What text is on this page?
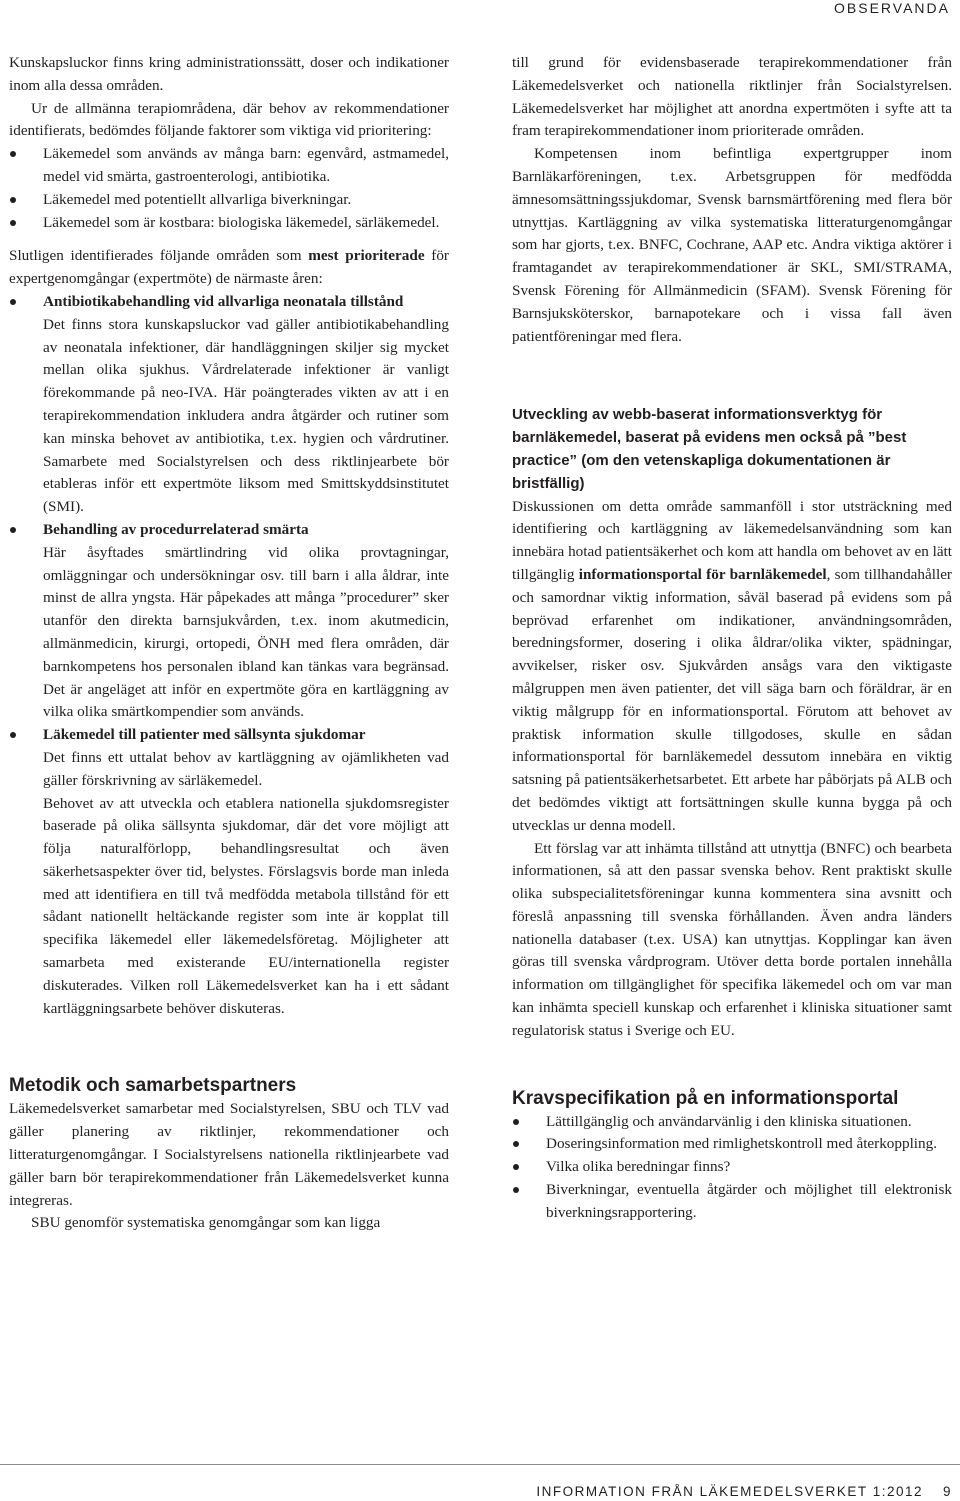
OBSERVANDA

Kunskapsluckor finns kring administrationssätt, doser och indikationer inom alla dessa områden.

Ur de allmänna terapiområdena, där behov av rekommendationer identifierats, bedömdes följande faktorer som viktiga vid prioritering:

Läkemedel som används av många barn: egenvård, astmamedel, medel vid smärta, gastroenterologi, antibiotika.
Läkemedel med potentiellt allvarliga biverkningar.
Läkemedel som är kostbara: biologiska läkemedel, särläkemedel.

Slutligen identifierades följande områden som mest prioriterade för expertgenomgångar (expertmöte) de närmaste åren:

Antibiotikabehandling vid allvarliga neonatala tillstånd

Det finns stora kunskapsluckor vad gäller antibiotikabehandling av neonatala infektioner, där handläggningen skiljer sig mycket mellan olika sjukhus. Vårdrelaterade infektioner är vanligt förekommande på neo-IVA. Här poängterades vikten av att i en terapirekommendation inkludera andra åtgärder och rutiner som kan minska behovet av antibiotika, t.ex. hygien och vårdrutiner. Samarbete med Socialstyrelsen och dess riktlinjearbete bör etableras inför ett expertmöte liksom med Smittskyddsinstitutet (SMI).

Behandling av procedurrelaterad smärta

Här åsyftades smärtlindring vid olika provtagningar, omläggningar och undersökningar osv. till barn i alla åldrar, inte minst de allra yngsta. Här påpekades att många ”procedurer” sker utanför den direkta barnsjukvården, t.ex. inom akutmedicin, allmänmedicin, kirurgi, ortopedi, ÖNH med flera områden, där barnkompetens hos personalen ibland kan tänkas vara begränsad. Det är angeläget att inför en expertmöte göra en kartläggning av vilka olika smärtkompendier som används.

Läkemedel till patienter med sällsynta sjukdomar

Det finns ett uttalat behov av kartläggning av ojämlikheten vad gäller förskrivning av särläkemedel.

Behovet av att utveckla och etablera nationella sjukdomsregister baserade på olika sällsynta sjukdomar, där det vore möjligt att följa naturalförlopp, behandlingsresultat och även säkerhetsaspekter över tid, belystes. Förslagsvis borde man inleda med att identifiera en till två medfödda metabola tillstånd för ett sådant nationellt heltäckande register som inte är kopplat till specifika läkemedel eller läkemedelsföretag. Möjligheter att samarbeta med existerande EU/internationella register diskuterades. Vilken roll Läkemedelsverket kan ha i ett sådant kartläggningsarbete behöver diskuteras.

Metodik och samarbetspartners

Läkemedelsverket samarbetar med Socialstyrelsen, SBU och TLV vad gäller planering av riktlinjer, rekommendationer och litteraturgenomgångar. I Socialstyrelsens nationella riktlinjearbete vad gäller barn bör terapirekommendationer från Läkemedelsverket kunna integreras.

SBU genomför systematiska genomgångar som kan ligga

till grund för evidensbaserade terapirekommendationer från Läkemedelsverket och nationella riktlinjer från Socialstyrelsen. Läkemedelsverket har möjlighet att anordna expertmöten i syfte att ta fram terapirekommendationer inom prioriterade områden.

Kompetensen inom befintliga expertgrupper inom Barnläkarföreningen, t.ex. Arbetsgruppen för medfödda ämnesomsättningssjukdomar, Svensk barnsmärtförening med flera bör utnyttjas. Kartläggning av vilka systematiska litteraturgenomgångar som har gjorts, t.ex. BNFC, Cochrane, AAP etc. Andra viktiga aktörer i framtagandet av terapirekommendationer är SKL, SMI/STRAMA, Svensk Förening för Allmänmedicin (SFAM). Svensk Förening för Barnsjuksköterskor, barnapotekare och i vissa fall även patientföreningar med flera.

Utveckling av webb-baserat informationsverktyg för barnläkemedel, baserat på evidens men också på ”best practice” (om den vetenskapliga dokumentationen är bristfällig)

Diskussionen om detta område sammanföll i stor utsträckning med identifiering och kartläggning av läkemedelsanvändning som kan innebära hotad patientsäkerhet och kom att handla om behovet av en lätt tillgänglig informationsportal för barnläkemedel, som tillhandahåller och samordnar viktig information, såväl baserad på evidens som på beprövad erfarenhet om indikationer, användningsområden, beredningsformer, dosering i olika åldrar/olika vikter, spädningar, avvikelser, risker osv. Sjukvården ansågs vara den viktigaste målgruppen men även patienter, det vill säga barn och föräldrar, är en viktig målgrupp för en informationsportal. Förutom att behovet av praktisk information skulle tillgodoses, skulle en sådan informationsportal för barnläkemedel dessutom innebära en viktig satsning på patientsäkerhetsarbetet. Ett arbete har påbörjats på ALB och det bedömdes viktigt att fortsättningen skulle kunna bygga på och utvecklas ur denna modell.

Ett förslag var att inhämta tillstånd att utnyttja (BNFC) och bearbeta informationen, så att den passar svenska behov. Rent praktiskt skulle olika subspecialitetsföreningar kunna kommentera sina avsnitt och föreslå anpassning till svenska förhållanden. Även andra länders nationella databaser (t.ex. USA) kan utnyttjas. Kopplingar kan även göras till svenska vårdprogram. Utöver detta borde portalen innehålla information om tillgänglighet för specifika läkemedel och om var man kan inhämta speciell kunskap och erfarenhet i kliniska situationer samt regulatorisk status i Sverige och EU.

Kravspecifikation på en informationsportal
Lättillgänglig och användarvänlig i den kliniska situationen.
Doseringsinformation med rimlighetskontroll med återkoppling.
Vilka olika beredningar finns?
Biverkningar, eventuella åtgärder och möjlighet till elektronisk biverkningsrapportering.
INFORMATION FRÅN LÄKEMEDELSVERKET 1:2012 9
